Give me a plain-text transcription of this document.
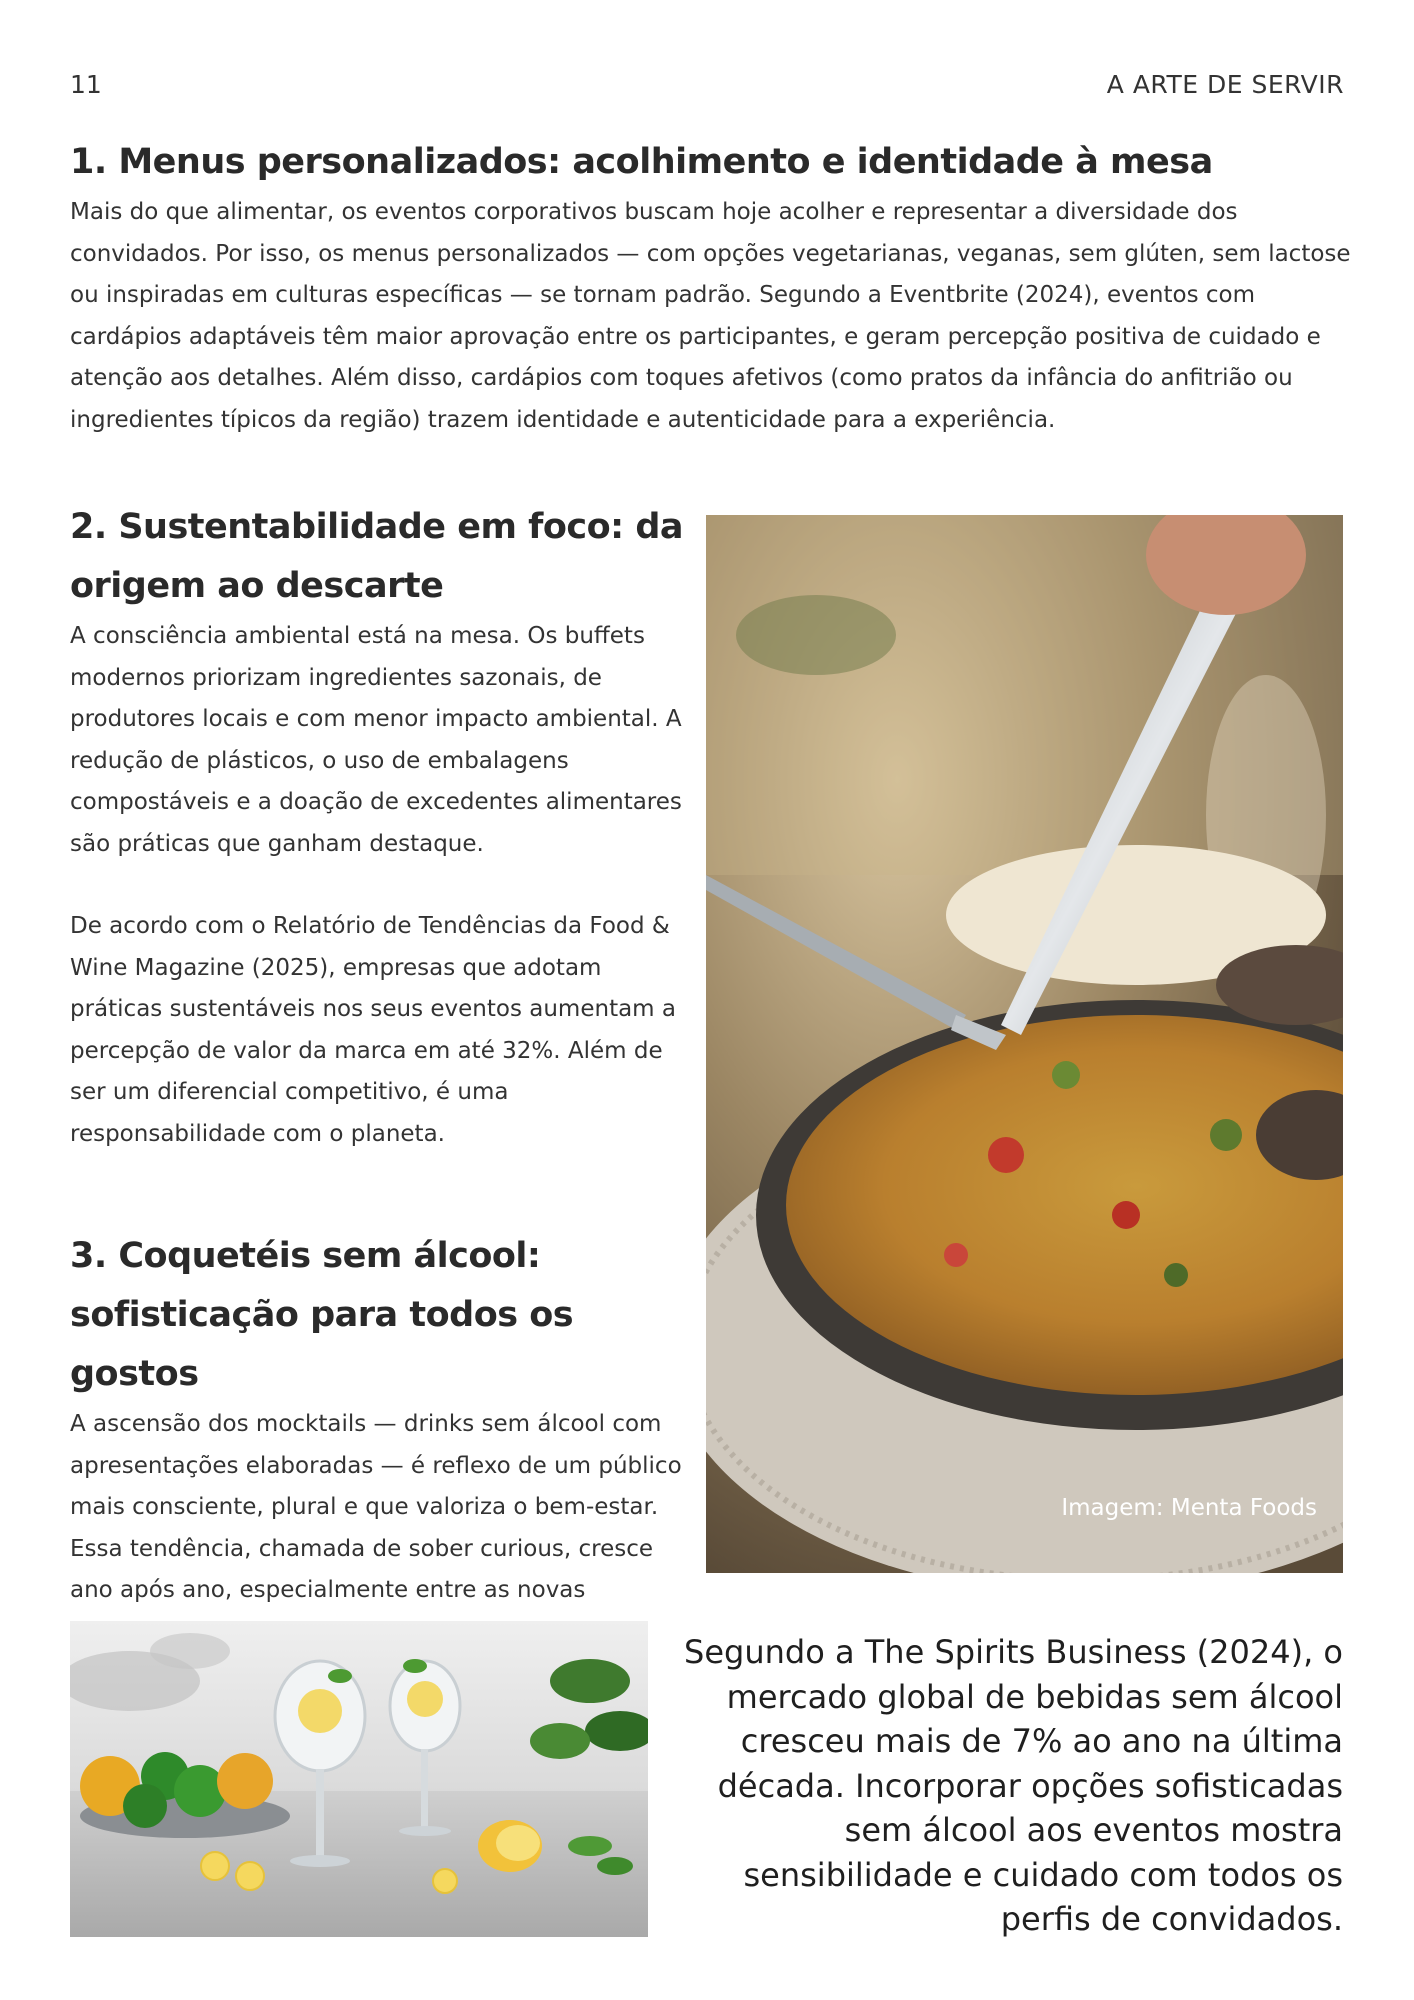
11	A ARTE DE SERVIR
1. Menus personalizados: acolhimento e identidade à mesa

Mais do que alimentar, os eventos corporativos buscam hoje acolher e representar a diversidade dos convidados. Por isso, os menus personalizados — com opções vegetarianas, veganas, sem glúten, sem lactose ou inspiradas em culturas específicas — se tornam padrão. Segundo a Eventbrite (2024), eventos com cardápios adaptáveis têm maior aprovação entre os participantes, e geram percepção positiva de cuidado e atenção aos detalhes. Além disso, cardápios com toques afetivos (como pratos da infância do anfitrião ou ingredientes típicos da região) trazem identidade e autenticidade para a experiência.

2. Sustentabilidade em foco: da
origem ao descarte

A consciência ambiental está na mesa. Os buffets modernos priorizam ingredientes sazonais, de produtores locais e com menor impacto ambiental. A redução de plásticos, o uso de embalagens compostáveis e a doação de excedentes alimentares são práticas que ganham destaque.

De acordo com o Relatório de Tendências da Food & Wine Magazine (2025), empresas que adotam práticas sustentáveis nos seus eventos aumentam a percepção de valor da marca em até 32%. Além de ser um diferencial competitivo, é uma responsabilidade com o planeta.

3. Coquetéis sem álcool:
sofisticação para todos os gostos

A ascensão dos mocktails — drinks sem álcool com apresentações elaboradas — é reflexo de um público mais consciente, plural e que valoriza o bem-estar. Essa tendência, chamada de sober curious, cresce ano após ano, especialmente entre as novas

Imagem: Menta Foods
Segundo a The Spirits Business (2024), o mercado global de bebidas sem álcool cresceu mais de 7% ao ano na última década. Incorporar opções sofisticadas sem álcool aos eventos mostra sensibilidade e cuidado com todos os perfis de convidados.
